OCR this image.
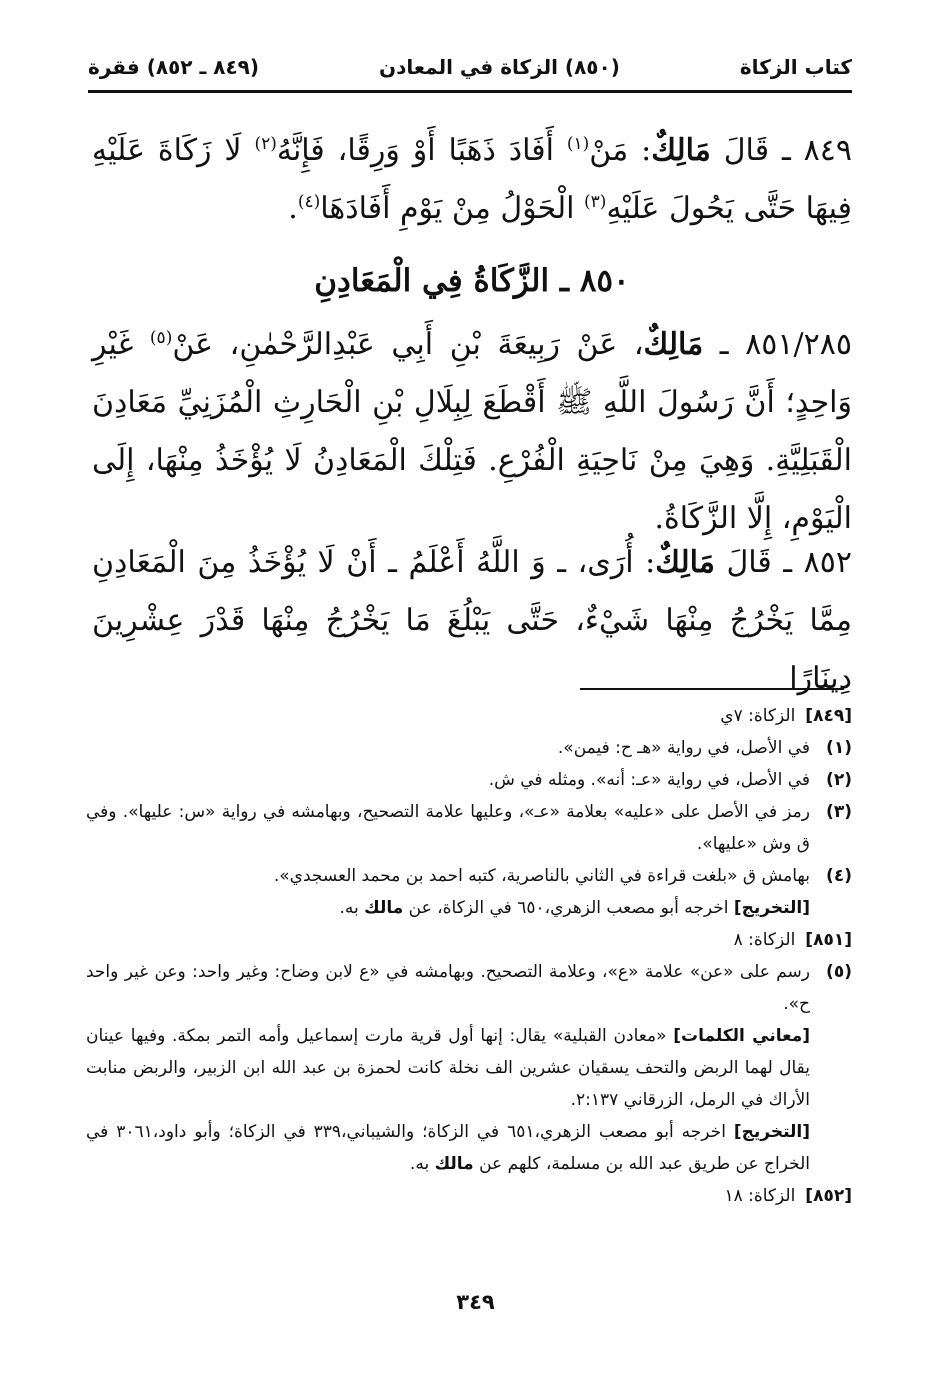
كتاب الزكاة
(٨٥٠) الزكاة في المعادن
(٨٤٩ ـ ٨٥٢) فقرة
٨٤٩ ـ قَالَ مَالِكٌ: مَنْ$^{(١)}$ أَفَادَ ذَهَبًا أَوْ وَرِقًا، فَإِنَّهُ$^{(٢)}$ لَا زَكَاةَ عَلَيْهِ فِيهَا حَتَّى يَحُولَ عَلَيْهِ$^{(٣)}$ الْحَوْلُ مِنْ يَوْمِ أَفَادَهَا$^{(٤)}$.
٨٥٠ ـ الزَّكَاةُ فِي الْمَعَادِنِ
٨٥١/٢٨٥ ـ مَالِكٌ، عَنْ رَبِيعَةَ بْنِ أَبِي عَبْدِالرَّحْمٰنِ، عَنْ$^{(٥)}$ غَيْرِ وَاحِدٍ؛ أَنَّ رَسُولَ اللَّهِ ﷺ أَقْطَعَ لِبِلَالِ بْنِ الْحَارِثِ الْمُزَنِيِّ مَعَادِنَ الْقَبَلِيَّةِ. وَهِيَ مِنْ نَاحِيَةِ الْفُرْعِ. فَتِلْكَ الْمَعَادِنُ لَا يُؤْخَذُ مِنْهَا، إِلَى الْيَوْمِ، إِلَّا الزَّكَاةُ.
٨٥٢ ـ قَالَ مَالِكٌ: أُرَى، ـ وَ اللَّهُ أَعْلَمُ ـ أَنْ لَا يُؤْخَذُ مِنَ الْمَعَادِنِ مِمَّا يَخْرُجُ مِنْهَا شَيْءٌ، حَتَّى يَبْلُغَ مَا يَخْرُجُ مِنْهَا قَدْرَ عِشْرِينَ دِينَارًا
[٨٤٩]
الزكاة: ٧ي
(١)
في الأصل، في رواية «هـ ح: فيمن».
(٢)
في الأصل، في رواية «عـ: أنه». ومثله في ش.
(٣)
رمز في الأصل على «عليه» بعلامة «عـ»، وعليها علامة التصحيح، وبهامشه في رواية «س: عليها». وفي ق وش «عليها».
(٤)
بهامش ق «بلغت قراءة في الثاني بالناصرية، كتبه احمد بن محمد العسجدي».
[التخريج] اخرجه أبو مصعب الزهري،٦٥٠ في الزكاة، عن مالك به.
[٨٥١]
الزكاة: ٨
(٥)
رسم على «عن» علامة «ع»، وعلامة التصحيح. وبهامشه في «ع لابن وضاح: وغير واحد: وعن غير واحد ح».
[معاني الكلمات] «معادن القبلية» يقال: إنها أول قرية مارت إسماعيل وأمه التمر بمكة. وفيها عينان يقال لهما الربض والتحف يسقيان عشرين الف نخلة كانت لحمزة بن عبد الله ابن الزبير، والربض منابت الأراك في الرمل، الزرقاني ٢:١٣٧.
[التخريج] اخرجه أبو مصعب الزهري،٦٥١ في الزكاة؛ والشيباني،٣٣٩ في الزكاة؛ وأبو داود،٣٠٦١ في الخراج عن طريق عبد الله بن مسلمة، كلهم عن مالك به.
[٨٥٢]
الزكاة: ١٨
٣٤٩
